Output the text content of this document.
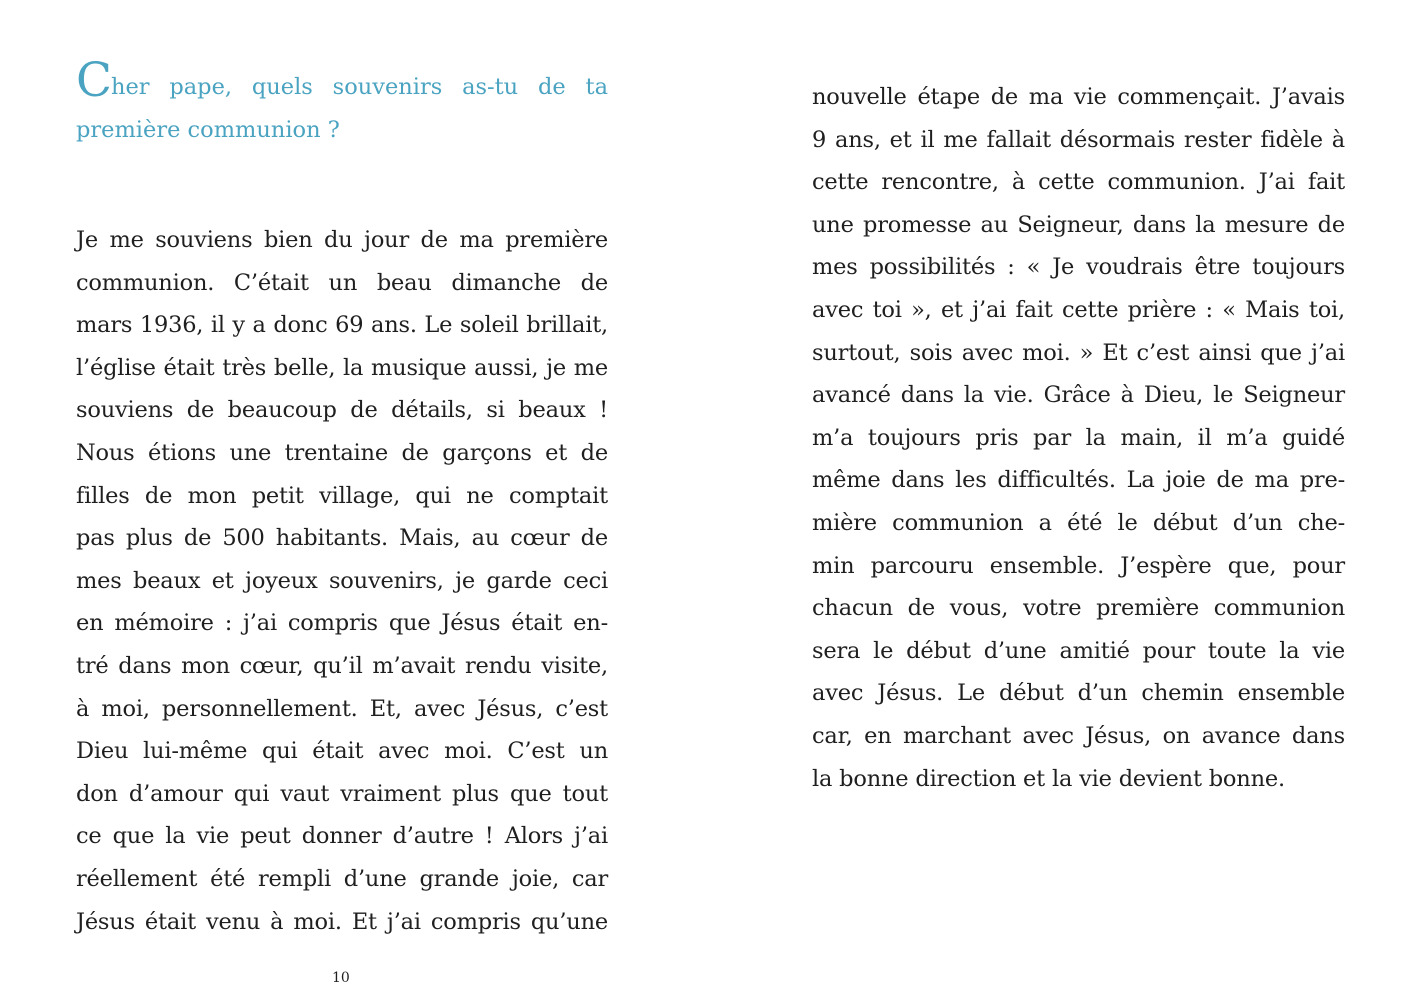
Cher pape, quels souvenirs as-tu de ta
première communion ?

Je me souviens bien du jour de ma première
communion. C’était un beau dimanche de
mars 1936, il y a donc 69 ans. Le soleil brillait,
l’église était très belle, la musique aussi, je me
souviens de beaucoup de détails, si beaux !
Nous étions une trentaine de garçons et de
filles de mon petit village, qui ne comptait
pas plus de 500 habitants. Mais, au cœur de
mes beaux et joyeux souvenirs, je garde ceci
en mémoire : j’ai compris que Jésus était en-
tré dans mon cœur, qu’il m’avait rendu visite,
à moi, personnellement. Et, avec Jésus, c’est
Dieu lui-même qui était avec moi. C’est un
don d’amour qui vaut vraiment plus que tout
ce que la vie peut donner d’autre ! Alors j’ai
réellement été rempli d’une grande joie, car
Jésus était venu à moi. Et j’ai compris qu’une

10

nouvelle étape de ma vie commençait. J’avais
9 ans, et il me fallait désormais rester fidèle à
cette rencontre, à cette communion. J’ai fait
une promesse au Seigneur, dans la mesure de
mes possibilités : « Je voudrais être toujours
avec toi », et j’ai fait cette prière : « Mais toi,
surtout, sois avec moi. » Et c’est ainsi que j’ai
avancé dans la vie. Grâce à Dieu, le Seigneur
m’a toujours pris par la main, il m’a guidé
même dans les difficultés. La joie de ma pre-
mière communion a été le début d’un che-
min parcouru ensemble. J’espère que, pour
chacun de vous, votre première communion
sera le début d’une amitié pour toute la vie
avec Jésus. Le début d’un chemin ensemble
car, en marchant avec Jésus, on avance dans
la bonne direction et la vie devient bonne.
